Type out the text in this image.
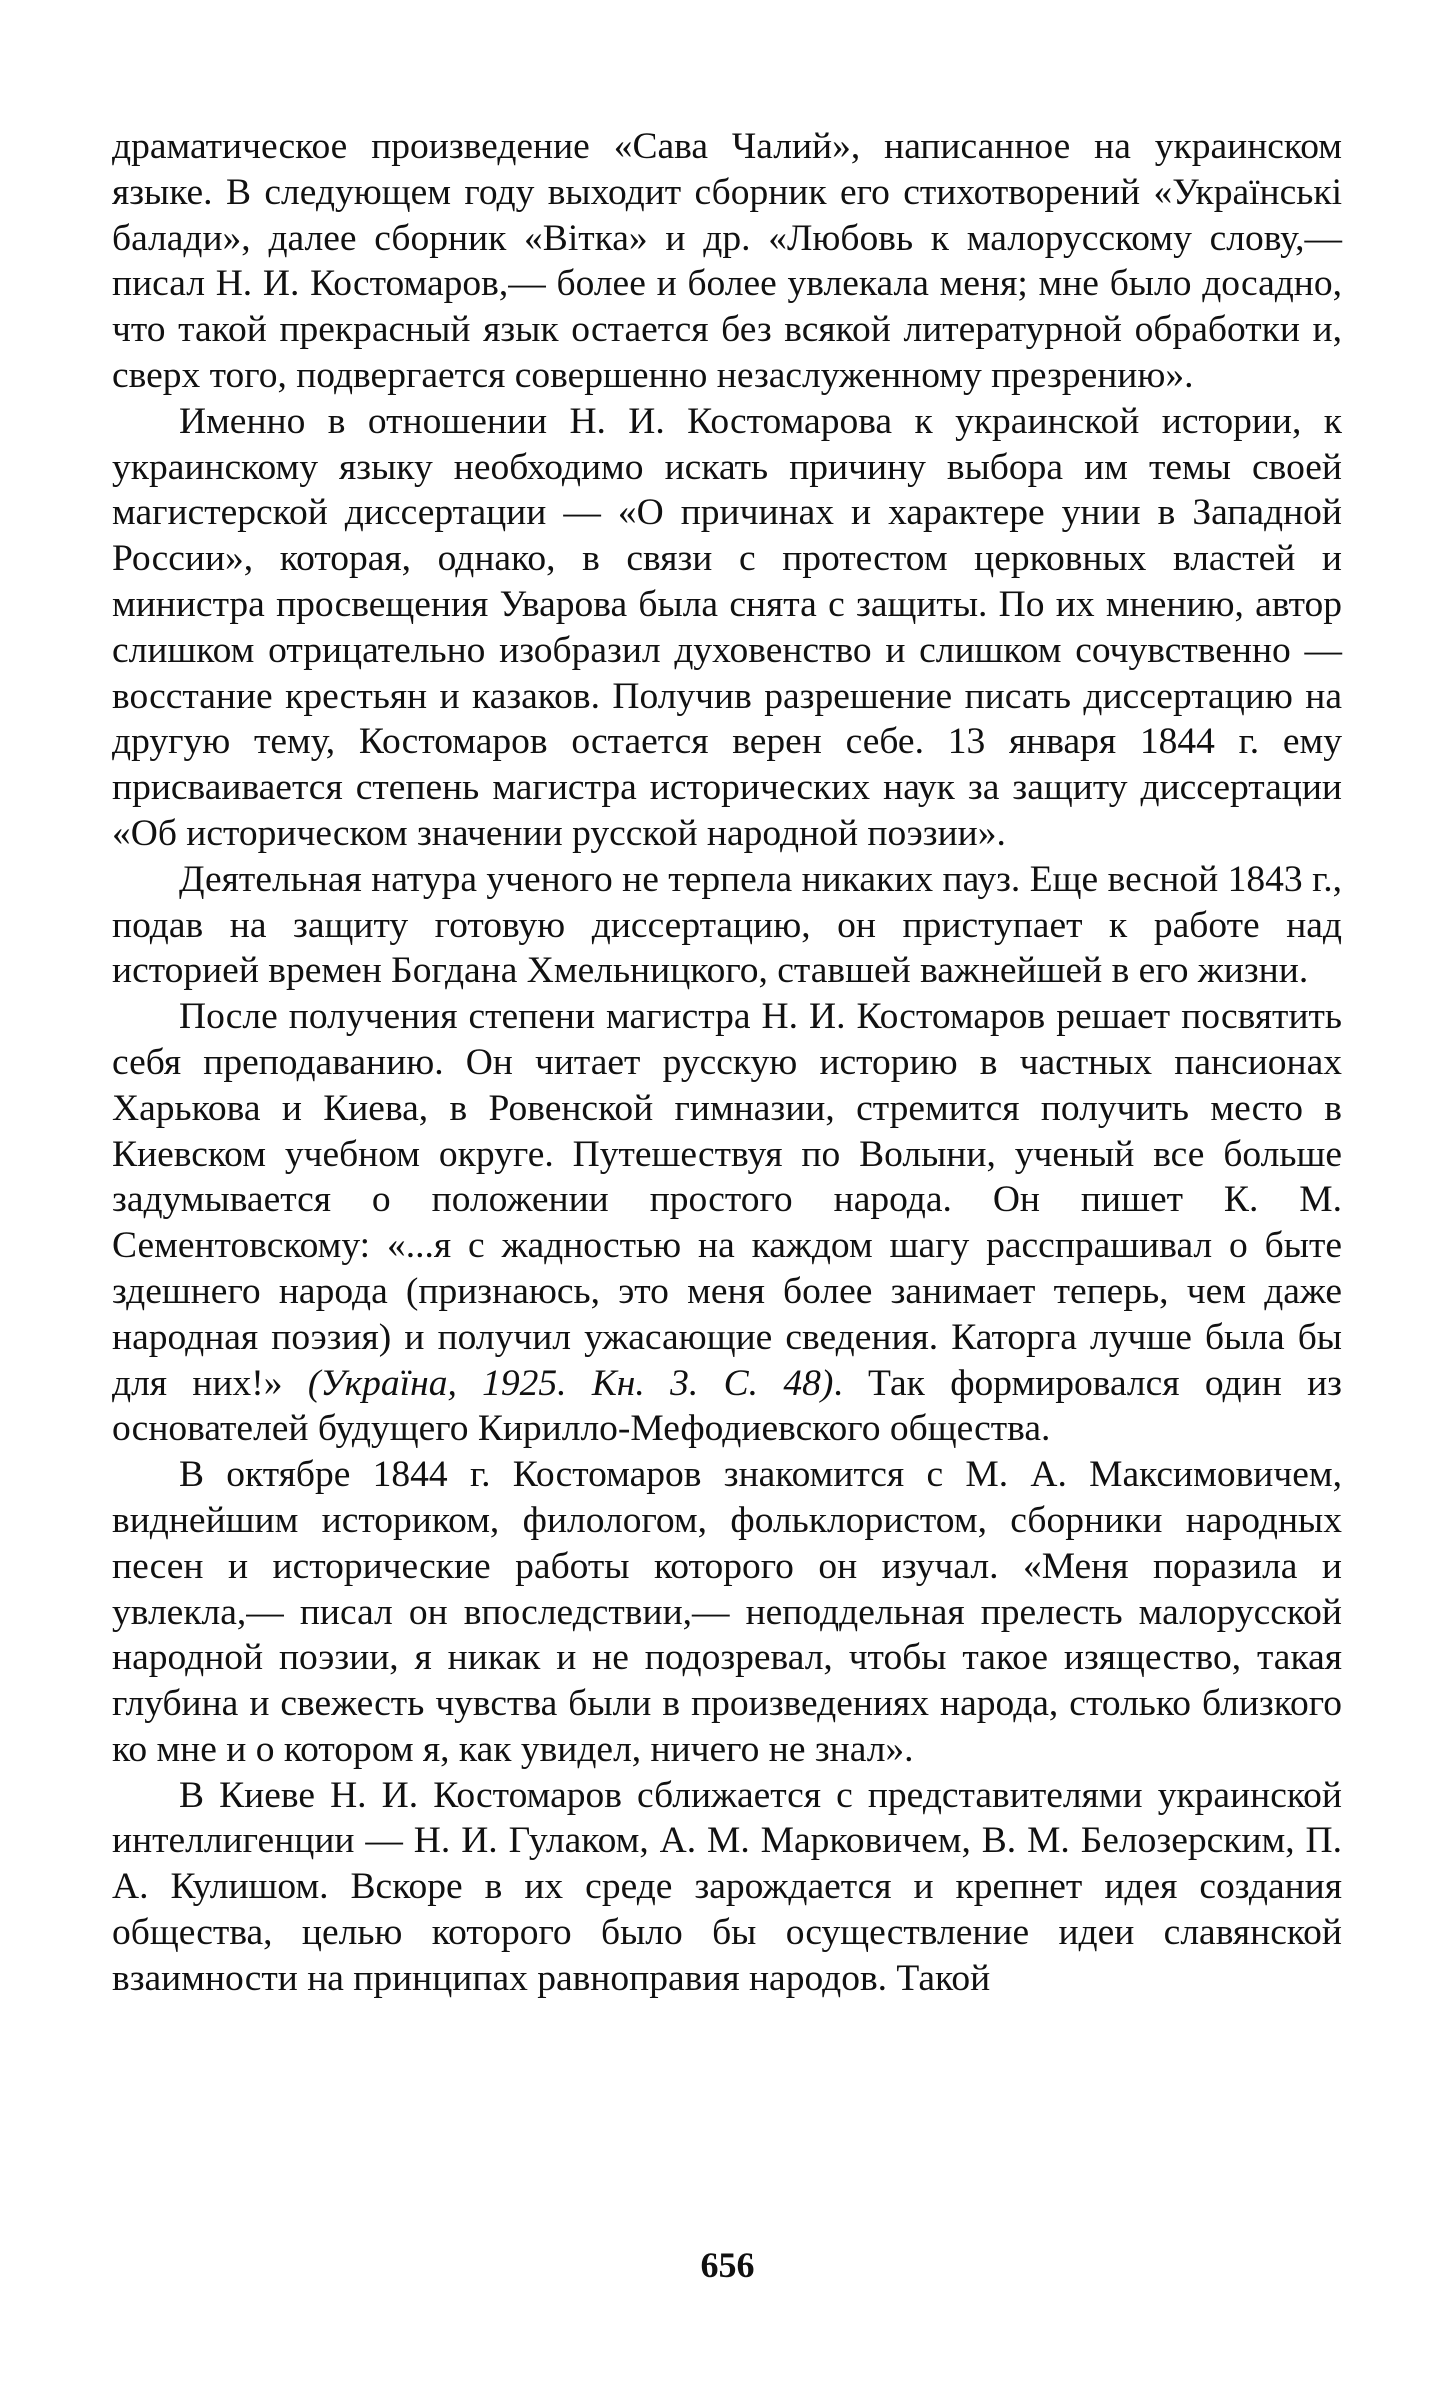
драматическое произведение «Сава Чалий», написанное на украинском языке. В следующем году выходит сборник его стихотворений «Українські балади», далее сборник «Вітка» и др. «Любовь к малорусскому слову,— писал Н. И. Костомаров,— более и более увлекала меня; мне было досадно, что такой прекрасный язык остается без всякой литературной обработки и, сверх того, подвергается совершенно незаслуженному презрению».

Именно в отношении Н. И. Костомарова к украинской истории, к украинскому языку необходимо искать причину выбора им темы своей магистерской диссертации — «О причинах и характере унии в Западной России», которая, однако, в связи с протестом церковных властей и министра просвещения Уварова была снята с защиты. По их мнению, автор слишком отрицательно изобразил духовенство и слишком сочувственно — восстание крестьян и казаков. Получив разрешение писать диссертацию на другую тему, Костомаров остается верен себе. 13 января 1844 г. ему присваивается степень магистра исторических наук за защиту диссертации «Об историческом значении русской народной поэзии».

Деятельная натура ученого не терпела никаких пауз. Еще весной 1843 г., подав на защиту готовую диссертацию, он приступает к работе над историей времен Богдана Хмельницкого, ставшей важнейшей в его жизни.

После получения степени магистра Н. И. Костомаров решает посвятить себя преподаванию. Он читает русскую историю в частных пансионах Харькова и Киева, в Ровенской гимназии, стремится получить место в Киевском учебном округе. Путешествуя по Волыни, ученый все больше задумывается о положении простого народа. Он пишет К. М. Сементовскому: «...я с жадностью на каждом шагу расспрашивал о быте здешнего народа (признаюсь, это меня более занимает теперь, чем даже народная поэзия) и получил ужасающие сведения. Каторга лучше была бы для них!» (Україна, 1925. Кн. 3. С. 48). Так формировался один из основателей будущего Кирилло-Мефодиевского общества.

В октябре 1844 г. Костомаров знакомится с М. А. Максимовичем, виднейшим историком, филологом, фольклористом, сборники народных песен и исторические работы которого он изучал. «Меня поразила и увлекла,— писал он впоследствии,— неподдельная прелесть малорусской народной поэзии, я никак и не подозревал, чтобы такое изящество, такая глубина и свежесть чувства были в произведениях народа, столько близкого ко мне и о котором я, как увидел, ничего не знал».

В Киеве Н. И. Костомаров сближается с представителями украинской интеллигенции — Н. И. Гулаком, А. М. Марковичем, В. М. Белозерским, П. А. Кулишом. Вскоре в их среде зарождается и крепнет идея создания общества, целью которого было бы осуществление идеи славянской взаимности на принципах равноправия народов. Такой

656
